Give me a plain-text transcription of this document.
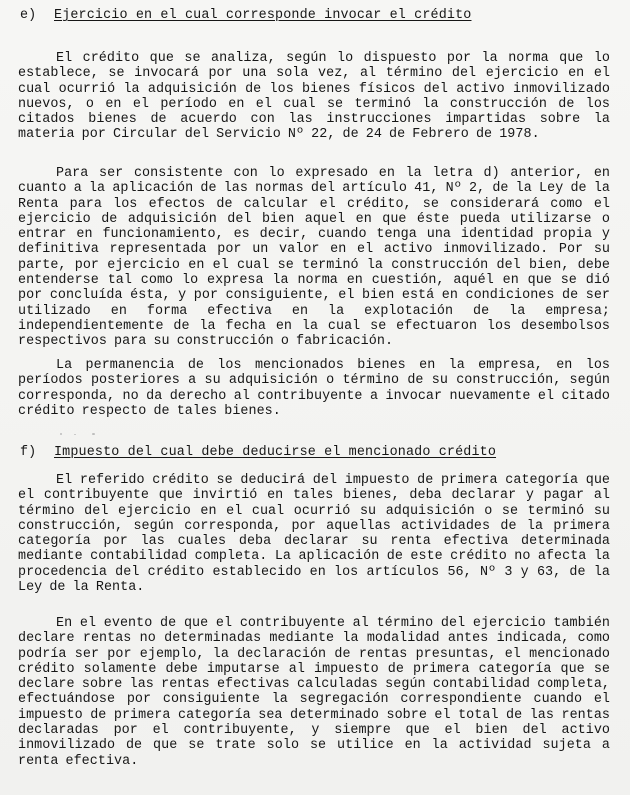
e) Ejercicio en el cual corresponde invocar el crédito

El crédito que se analiza, según lo dispuesto por la norma que lo establece, se invocará por una sola vez, al término del ejercicio en el cual ocurrió la adquisición de los bienes físicos del activo inmovilizado nuevos, o en el período en el cual se terminó la construcción de los citados bienes de acuerdo con las instrucciones impartidas sobre la materia por Circular del Servicio Nº 22, de 24 de Febrero de 1978.

Para ser consistente con lo expresado en la letra d) anterior, en cuanto a la aplicación de las normas del artículo 41, Nº 2, de la Ley de la Renta para los efectos de calcular el crédito, se considerará como el ejercicio de adquisición del bien aquel en que éste pueda utilizarse o entrar en funcionamiento, es decir, cuando tenga una identidad propia y definitiva representada por un valor en el activo inmovilizado. Por su parte, por ejercicio en el cual se terminó la construcción del bien, debe entenderse tal como lo expresa la norma en cuestión, aquél en que se dió por concluída ésta, y por consiguiente, el bien está en condiciones de ser utilizado en forma efectiva en la explotación de la empresa; independientemente de la fecha en la cual se efectuaron los desembolsos respectivos para su construcción o fabricación.

La permanencia de los mencionados bienes en la empresa, en los períodos posteriores a su adquisición o término de su construcción, según corresponda, no da derecho al contribuyente a invocar nuevamente el citado crédito respecto de tales bienes.

f) Impuesto del cual debe deducirse el mencionado crédito

El referido crédito se deducirá del impuesto de primera categoría que el contribuyente que invirtió en tales bienes, deba declarar y pagar al término del ejercicio en el cual ocurrió su adquisición o se terminó su construcción, según corresponda, por aquellas actividades de la primera categoría por las cuales deba declarar su renta efectiva determinada mediante contabilidad completa. La aplicación de este crédito no afecta la procedencia del crédito establecido en los artículos 56, Nº 3 y 63, de la Ley de la Renta.

En el evento de que el contribuyente al término del ejercicio también declare rentas no determinadas mediante la modalidad antes indicada, como podría ser por ejemplo, la declaración de rentas presuntas, el mencionado crédito solamente debe imputarse al impuesto de primera categoría que se declare sobre las rentas efectivas calculadas según contabilidad completa, efectuándose por consiguiente la segregación correspondiente cuando el impuesto de primera categoría sea determinado sobre el total de las rentas declaradas por el contribuyente, y siempre que el bien del activo inmovilizado de que se trate solo se utilice en la actividad sujeta a renta efectiva.
